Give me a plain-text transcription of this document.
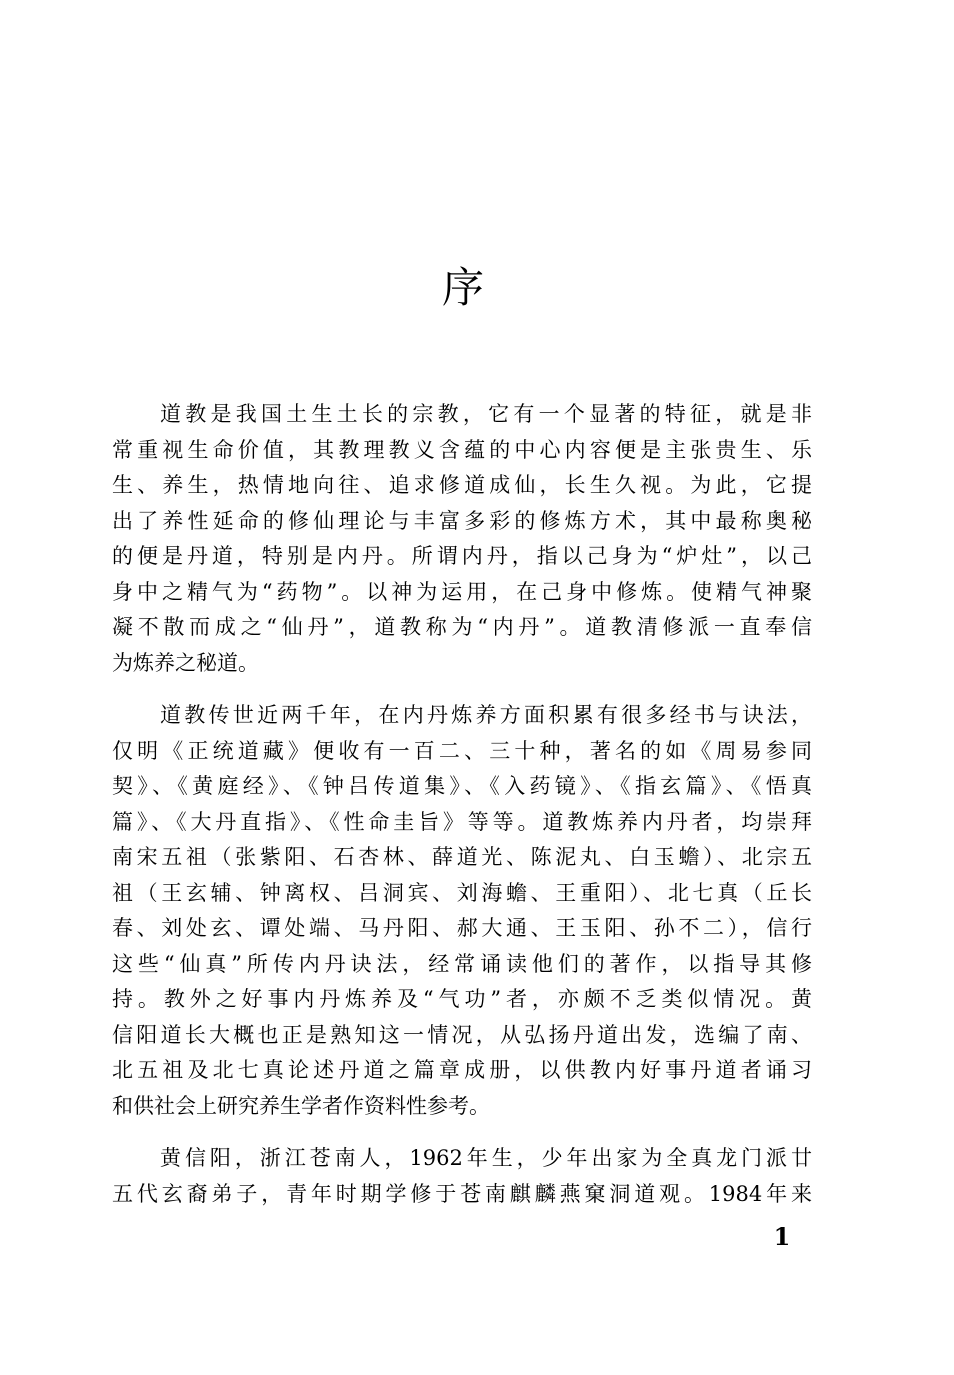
序
道教是我国土生土长的宗教，它有一个显著的特征，就是非
常重视生命价值，其教理教义含蕴的中心内容便是主张贵生、乐
生、养生，热情地向往、追求修道成仙，长生久视。为此，它提
出了养性延命的修仙理论与丰富多彩的修炼方术，其中最称奥秘
的便是丹道，特别是内丹。所谓内丹，指以己身为“炉灶”，以己
身中之精气为“药物”。以神为运用，在己身中修炼。使精气神聚
凝不散而成之“仙丹”，道教称为“内丹”。道教清修派一直奉信
为炼养之秘道。
道教传世近两千年，在内丹炼养方面积累有很多经书与诀法，
仅明《正统道藏》便收有一百二、三十种，著名的如《周易参同
契》、《黄庭经》、《钟吕传道集》、《入药镜》、《指玄篇》、《悟真
篇》、《大丹直指》、《性命圭旨》等等。道教炼养内丹者，均崇拜
南宋五祖（张紫阳、石杏林、薛道光、陈泥丸、白玉蟾）、北宗五
祖（王玄辅、钟离权、吕洞宾、刘海蟾、王重阳）、北七真（丘长
春、刘处玄、谭处端、马丹阳、郝大通、王玉阳、孙不二），信行
这些“仙真”所传内丹诀法，经常诵读他们的著作，以指导其修
持。教外之好事内丹炼养及“气功”者，亦颇不乏类似情况。黄
信阳道长大概也正是熟知这一情况，从弘扬丹道出发，选编了南、
北五祖及北七真论述丹道之篇章成册，以供教内好事丹道者诵习
和供社会上研究养生学者作资料性参考。
黄信阳，浙江苍南人，1962年生，少年出家为全真龙门派廿
五代玄裔弟子，青年时期学修于苍南麒麟燕窠洞道观。1984年来
1
